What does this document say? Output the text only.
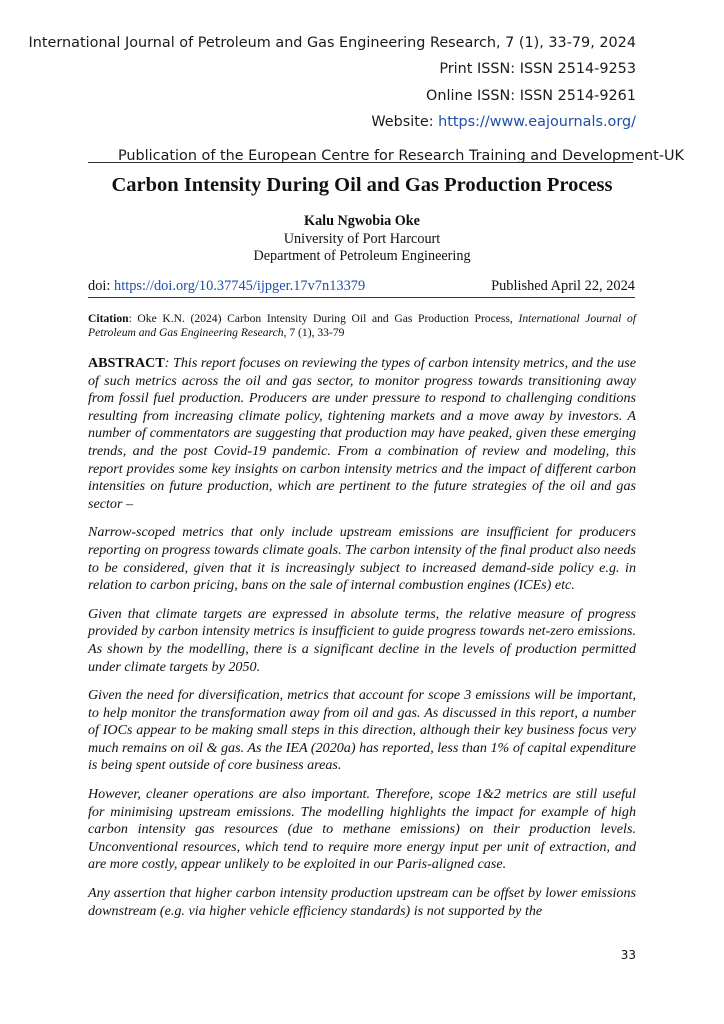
International Journal of Petroleum and Gas Engineering Research, 7 (1), 33-79, 2024
Print ISSN: ISSN 2514-9253
Online ISSN: ISSN 2514-9261
Website: https://www.eajournals.org/
Publication of the European Centre for Research Training and Development-UK
Carbon Intensity During Oil and Gas Production Process
Kalu Ngwobia Oke
University of Port Harcourt
Department of Petroleum Engineering
doi: https://doi.org/10.37745/ijpger.17v7n13379	Published April 22, 2024
Citation: Oke K.N. (2024) Carbon Intensity During Oil and Gas Production Process, International Journal of Petroleum and Gas Engineering Research, 7 (1), 33-79

ABSTRACT: This report focuses on reviewing the types of carbon intensity metrics, and the use of such metrics across the oil and gas sector, to monitor progress towards transitioning away from fossil fuel production. Producers are under pressure to respond to challenging conditions resulting from increasing climate policy, tightening markets and a move away by investors. A number of commentators are suggesting that production may have peaked, given these emerging trends, and the post Covid-19 pandemic. From a combination of review and modeling, this report provides some key insights on carbon intensity metrics and the impact of different carbon intensities on future production, which are pertinent to the future strategies of the oil and gas sector –

Narrow-scoped metrics that only include upstream emissions are insufficient for producers reporting on progress towards climate goals. The carbon intensity of the final product also needs to be considered, given that it is increasingly subject to increased demand-side policy e.g. in relation to carbon pricing, bans on the sale of internal combustion engines (ICEs) etc.

Given that climate targets are expressed in absolute terms, the relative measure of progress provided by carbon intensity metrics is insufficient to guide progress towards net-zero emissions. As shown by the modelling, there is a significant decline in the levels of production permitted under climate targets by 2050.

Given the need for diversification, metrics that account for scope 3 emissions will be important, to help monitor the transformation away from oil and gas. As discussed in this report, a number of IOCs appear to be making small steps in this direction, although their key business focus very much remains on oil & gas. As the IEA (2020a) has reported, less than 1% of capital expenditure is being spent outside of core business areas.

However, cleaner operations are also important. Therefore, scope 1&2 metrics are still useful for minimising upstream emissions. The modelling highlights the impact for example of high carbon intensity gas resources (due to methane emissions) on their production levels. Unconventional resources, which tend to require more energy input per unit of extraction, and are more costly, appear unlikely to be exploited in our Paris-aligned case.

Any assertion that higher carbon intensity production upstream can be offset by lower emissions downstream (e.g. via higher vehicle efficiency standards) is not supported by the

33
